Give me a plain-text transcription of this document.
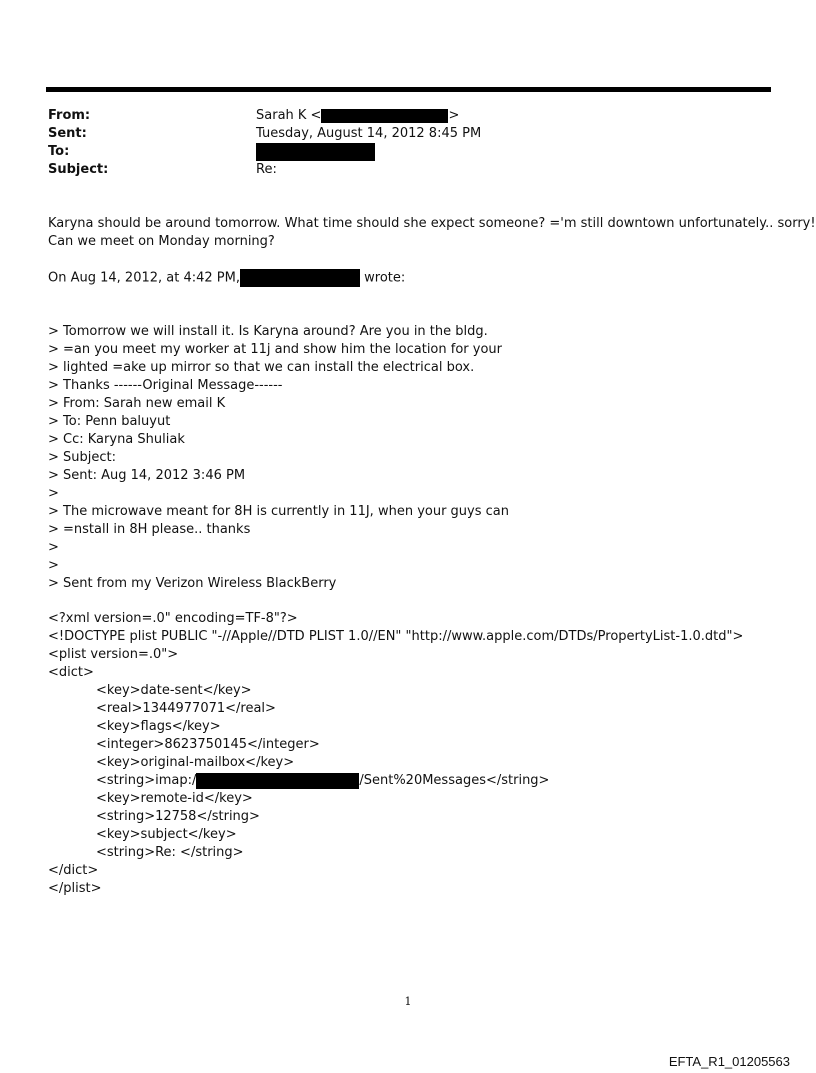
From:	Sarah K <	>
Sent:	Tuesday, August 14, 2012 8:45 PM
To:
Subject:	Re:
Karyna should be around tomorrow. What time should she expect someone? ='m still downtown unfortunately.. sorry!
Can we meet on Monday morning?
On Aug 14, 2012, at 4:42 PM,	wrote:

> Tomorrow we will install it. Is Karyna around? Are you in the bldg.
> =an you meet my worker at 11j and show him the location for your
> lighted =ake up mirror so that we can install the electrical box.
> Thanks ------Original Message------
> From: Sarah new email K
> To: Penn baluyut
> Cc: Karyna Shuliak
> Subject:
> Sent: Aug 14, 2012 3:46 PM
>
> The microwave meant for 8H is currently in 11J, when your guys can
> =nstall in 8H please.. thanks
>
>
> Sent from my Verizon Wireless BlackBerry

<?xml version=.0" encoding=TF-8"?>
<!DOCTYPE plist PUBLIC "-//Apple//DTD PLIST 1.0//EN" "http://www.apple.com/DTDs/PropertyList-1.0.dtd">
<plist version=.0">
<dict>
<key>date-sent</key>
<real>1344977071</real>
<key>flags</key>
<integer>8623750145</integer>
<key>original-mailbox</key>
<string>imap:/	/Sent%20Messages</string>
<key>remote-id</key>
<string>12758</string>
<key>subject</key>
<string>Re: </string>
</dict>
</plist>

1
EFTA_R1_01205563
